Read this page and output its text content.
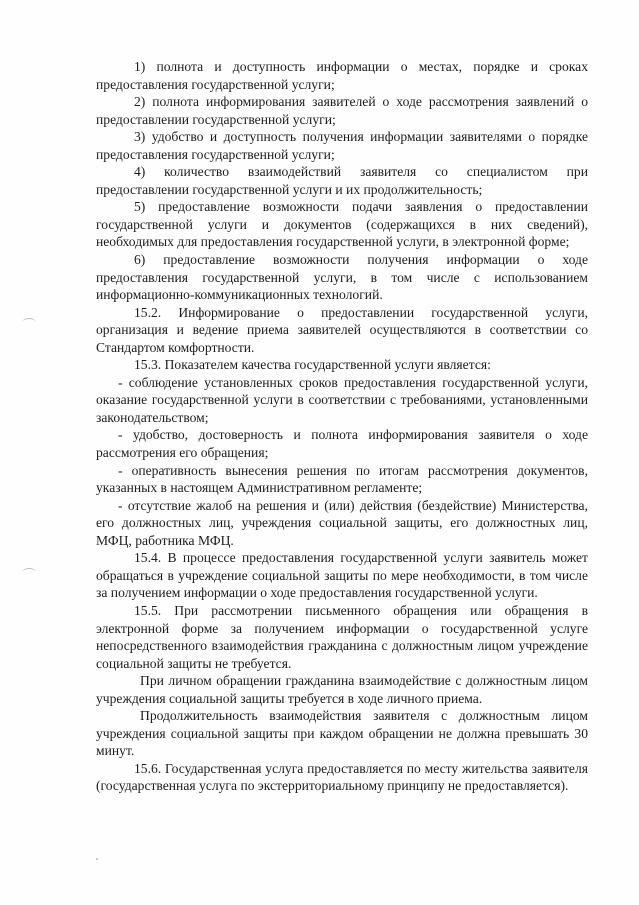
1) полнота и доступность информации о местах, порядке и сроках предоставления государственной услуги;

2) полнота информирования заявителей о ходе рассмотрения заявлений о предоставлении государственной услуги;

3) удобство и доступность получения информации заявителями о порядке предоставления государственной услуги;

4) количество взаимодействий заявителя со специалистом при предоставлении государственной услуги и их продолжительность;

5) предоставление возможности подачи заявления о предоставлении государственной услуги и документов (содержащихся в них сведений), необходимых для предоставления государственной услуги, в электронной форме;

6) предоставление возможности получения информации о ходе предоставления государственной услуги, в том числе с использованием информационно-коммуникационных технологий.

15.2. Информирование о предоставлении государственной услуги, организация и ведение приема заявителей осуществляются в соответствии со Стандартом комфортности.

15.3. Показателем качества государственной услуги является:

- соблюдение установленных сроков предоставления государственной услуги, оказание государственной услуги в соответствии с требованиями, установленными законодательством;

- удобство, достоверность и полнота информирования заявителя о ходе рассмотрения его обращения;

- оперативность вынесения решения по итогам рассмотрения документов, указанных в настоящем Административном регламенте;

- отсутствие жалоб на решения и (или) действия (бездействие) Министерства, его должностных лиц, учреждения социальной защиты, его должностных лиц, МФЦ, работника МФЦ.

15.4. В процессе предоставления государственной услуги заявитель может обращаться в учреждение социальной защиты по мере необходимости, в том числе за получением информации о ходе предоставления государственной услуги.

15.5. При рассмотрении письменного обращения или обращения в электронной форме за получением информации о государственной услуге непосредственного взаимодействия гражданина с должностным лицом учреждение социальной защиты не требуется.

При личном обращении гражданина взаимодействие с должностным лицом учреждения социальной защиты требуется в ходе личного приема.

Продолжительность взаимодействия заявителя с должностным лицом учреждения социальной защиты при каждом обращении не должна превышать 30 минут.

15.6. Государственная услуга предоставляется по месту жительства заявителя (государственная услуга по экстерриториальному принципу не предоставляется).
